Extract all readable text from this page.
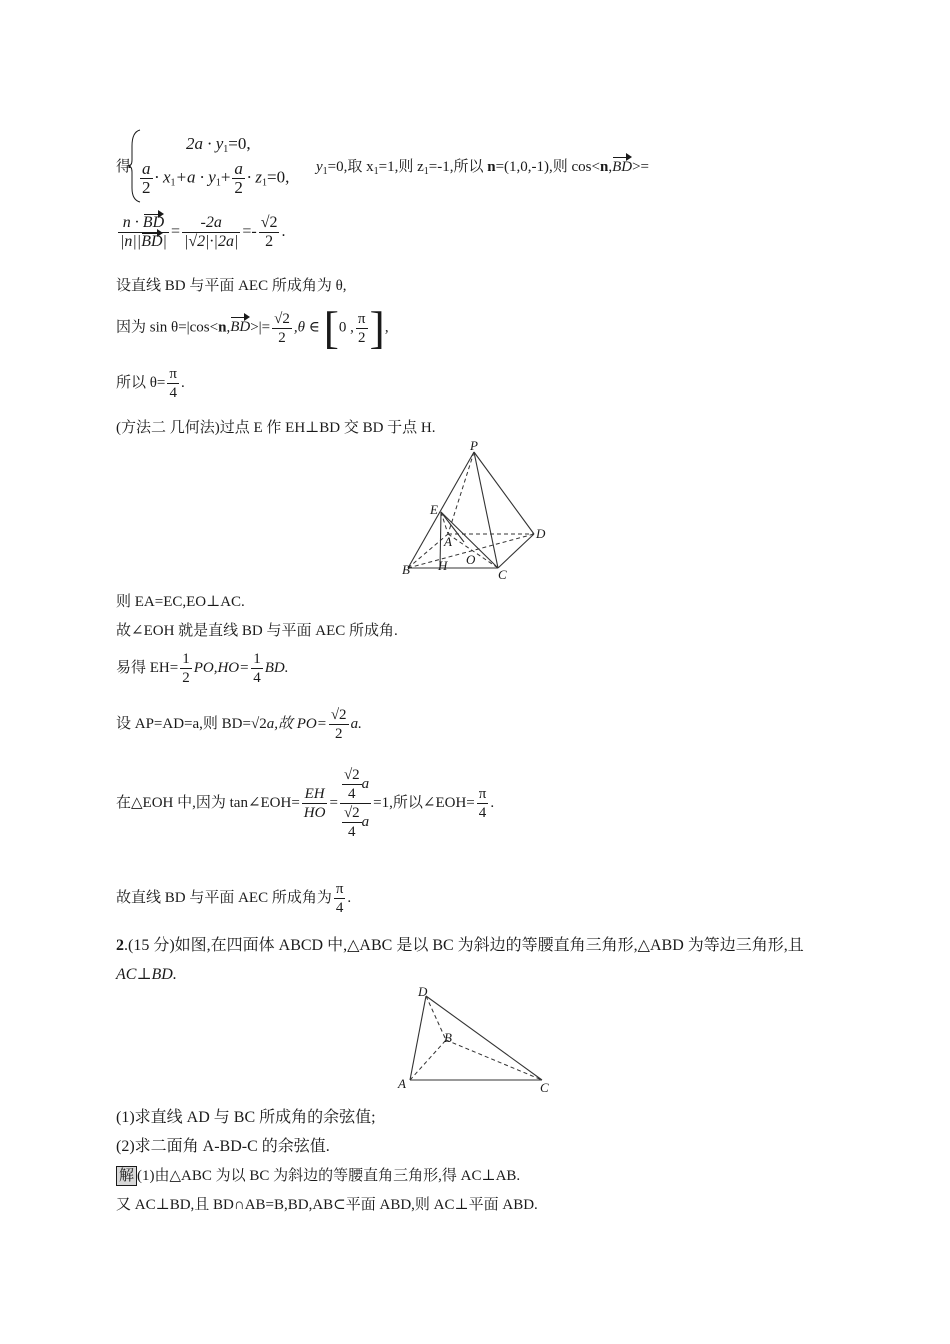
得
$2a \cdot y_1=0$,
$\frac{a}{2} \cdot x_1+a \cdot y_1+ \frac{a}{2} \cdot z_1=0$,
$y_1=0$,取 $x_1=1$,则 $z_1=-1$,所以 n=(1,0,-1),则 cos<n,BD>=
$\frac{n \cdot BD}{|n||BD|} = \frac{-2a}{|√2|\cdot|2a|} =- \frac{√2}{2}$ .
设直线 BD 与平面 AEC 所成角为 θ,
因为 $\sin \theta=|\cos<n,BD>|= \frac{√2}{2} ,\theta$ ∈ [0 , $\frac{\pi}{2}$ ],
所以 $\theta= \frac{\pi}{4}$ .
(方法二 几何法)过点 E 作 EH⊥BD 交 BD 于点 H.
P
E
A
D
O
B H
C
则 EA=EC,EO⊥AC.
故∠EOH 就是直线 BD 与平面 AEC 所成角.
易得 $EH= \frac{1}{2} PO,HO= \frac{1}{4}$ BD.
设 AP=AD=a,则 BD=√2a,故 $PO= \frac{√2}{2} a$.
在△EOH 中,因为 tan∠EOH= $\frac{EH}{HO} = \frac{\frac{√2}{4} a}{\frac{√2}{4} a} =1$,所以∠EOH= $\frac{\pi}{4}$ .
故直线 BD 与平面 AEC 所成角为 $\frac{\pi}{4}$ .
2.(15 分)如图,在四面体 ABCD 中,△ABC 是以 BC 为斜边的等腰直角三角形,△ABD 为等边三角形,且
AC⊥BD.
D
B
A	C
(1)求直线 AD 与 BC 所成角的余弦值;
(2)求二面角 A-BD-C 的余弦值.
解 (1)由△ABC 为以 BC 为斜边的等腰直角三角形,得 AC⊥AB.
又 AC⊥BD,且 BD∩AB=B,BD,AB⊂平面 ABD,则 AC⊥平面 ABD.
